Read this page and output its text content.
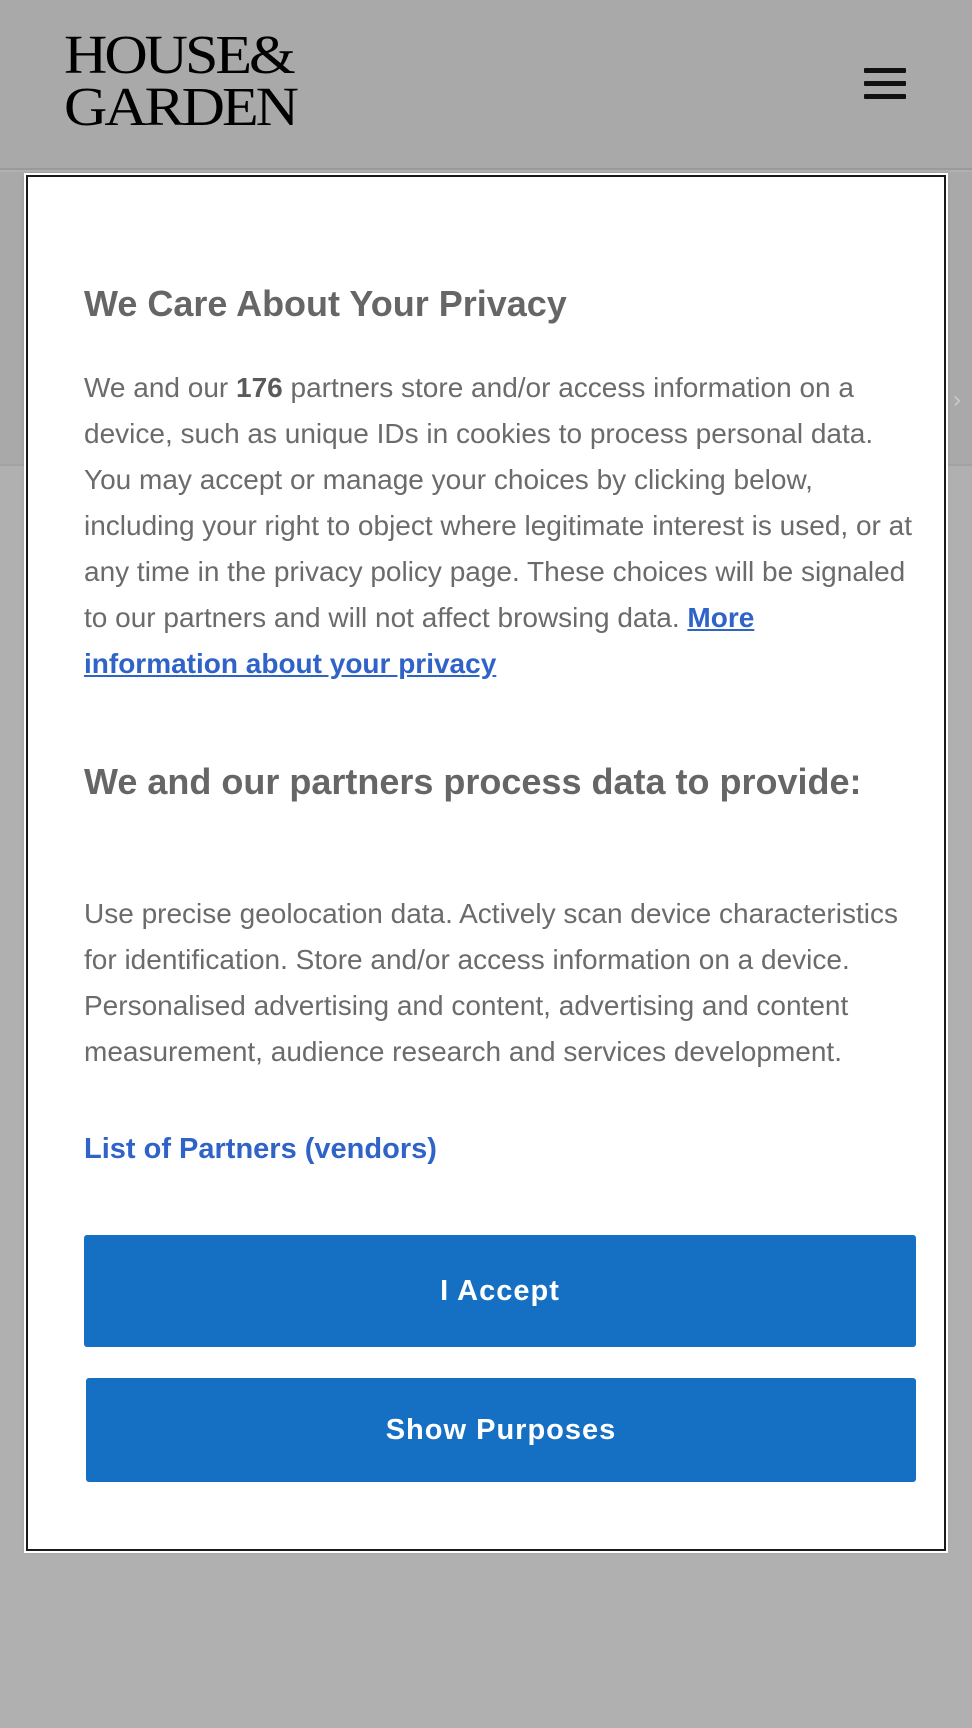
HOUSE&
GARDEN
›
We Care About Your Privacy

We and our 176 partners store and/or access information on a device, such as unique IDs in cookies to process personal data. You may accept or manage your choices by clicking below, including your right to object where legitimate interest is used, or at any time in the privacy policy page. These choices will be signaled to our partners and will not affect browsing data. More information about your privacy

We and our partners process data to provide:

Use precise geolocation data. Actively scan device characteristics for identification. Store and/or access information on a device. Personalised advertising and content, advertising and content measurement, audience research and services development.

List of Partners (vendors)
I Accept
Show Purposes
